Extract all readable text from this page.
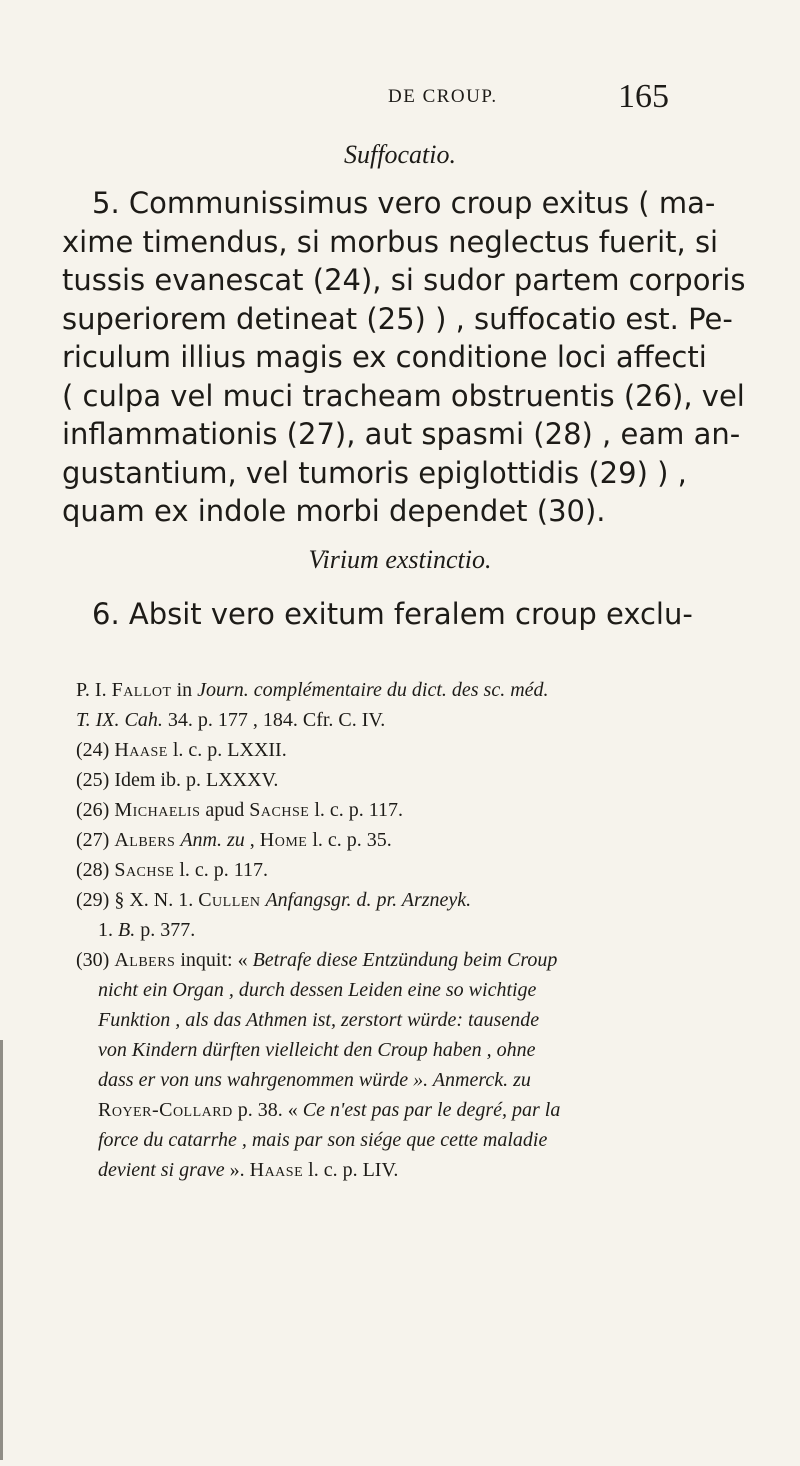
DE CROUP.	165
Suffocatio.
5. Communissimus vero croup exitus ( ma-
xime timendus, si morbus neglectus fuerit, si
tussis evanescat (24), si sudor partem corporis
superiorem detineat (25) ) , suffocatio est. Pe-
riculum illius magis ex conditione loci affecti
( culpa vel muci tracheam obstruentis (26), vel
inflammationis (27), aut spasmi (28) , eam an-
gustantium, vel tumoris epiglottidis (29) ) ,
quam ex indole morbi dependet (30).
Virium exstinctio.
6. Absit vero exitum feralem croup exclu-
P. I. Fallot in Journ. complémentaire du dict. des sc. méd.
T. IX. Cah. 34. p. 177 , 184. Cfr. C. IV.
(24) Haase l. c. p. LXXII.
(25) Idem ib. p. LXXXV.
(26) Michaelis apud Sachse l. c. p. 117.
(27) Albers Anm. zu , Home l. c. p. 35.
(28) Sachse l. c. p. 117.
(29) § X. N. 1. Cullen Anfangsgr. d. pr. Arzneyk.
1. B. p. 377.
(30) Albers inquit: « Betrafe diese Entzündung beim Croup
nicht ein Organ , durch dessen Leiden eine so wichtige
Funktion , als das Athmen ist, zerstort würde: tausende
von Kindern dürften vielleicht den Croup haben , ohne
dass er von uns wahrgenommen würde ». Anmerck. zu
Royer-Collard p. 38. « Ce n'est pas par le degré, par la
force du catarrhe , mais par son siége que cette maladie
devient si grave ». Haase l. c. p. LIV.
